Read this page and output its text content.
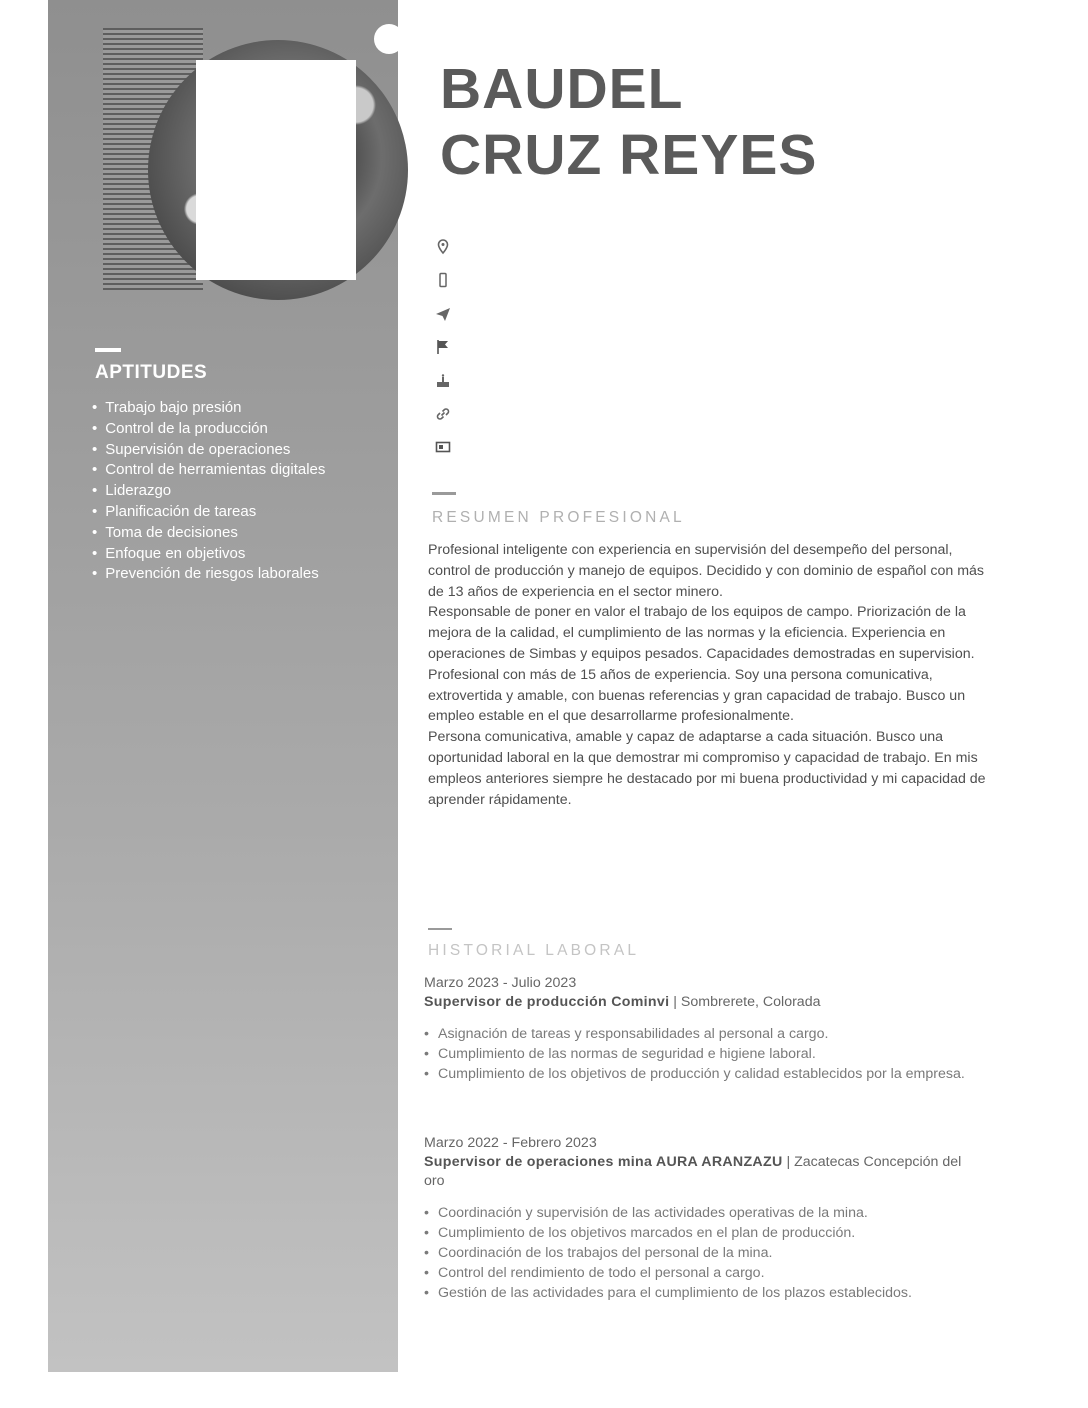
APTITUDES
• Trabajo bajo presión
• Control de la producción
• Supervisión de operaciones
• Control de herramientas digitales
• Liderazgo
• Planificación de tareas
• Toma de decisiones
• Enfoque en objetivos
• Prevención de riesgos laborales
BAUDEL
CRUZ REYES
RESUMEN PROFESIONAL

Profesional inteligente con experiencia en supervisión del desempeño del personal, control de producción y manejo de equipos. Decidido y con dominio de español con más de 13 años de experiencia en el sector minero.

Responsable de poner en valor el trabajo de los equipos de campo. Priorización de la mejora de la calidad, el cumplimiento de las normas y la eficiencia. Experiencia en operaciones de Simbas y equipos pesados. Capacidades demostradas en supervision.

Profesional con más de 15 años de experiencia. Soy una persona comunicativa, extrovertida y amable, con buenas referencias y gran capacidad de trabajo. Busco un empleo estable en el que desarrollarme profesionalmente.

Persona comunicativa, amable y capaz de adaptarse a cada situación. Busco una oportunidad laboral en la que demostrar mi compromiso y capacidad de trabajo. En mis empleos anteriores siempre he destacado por mi buena productividad y mi capacidad de aprender rápidamente.

HISTORIAL LABORAL

Marzo 2023 - Julio 2023

Supervisor de producción Cominvi | Sombrerete, Colorada

• Asignación de tareas y responsabilidades al personal a cargo.
• Cumplimiento de las normas de seguridad e higiene laboral.
• Cumplimiento de los objetivos de producción y calidad establecidos por la empresa.

Marzo 2022 - Febrero 2023

Supervisor de operaciones mina AURA ARANZAZU | Zacatecas Concepción del oro

• Coordinación y supervisión de las actividades operativas de la mina.
• Cumplimiento de los objetivos marcados en el plan de producción.
• Coordinación de los trabajos del personal de la mina.
• Control del rendimiento de todo el personal a cargo.
• Gestión de las actividades para el cumplimiento de los plazos establecidos.
